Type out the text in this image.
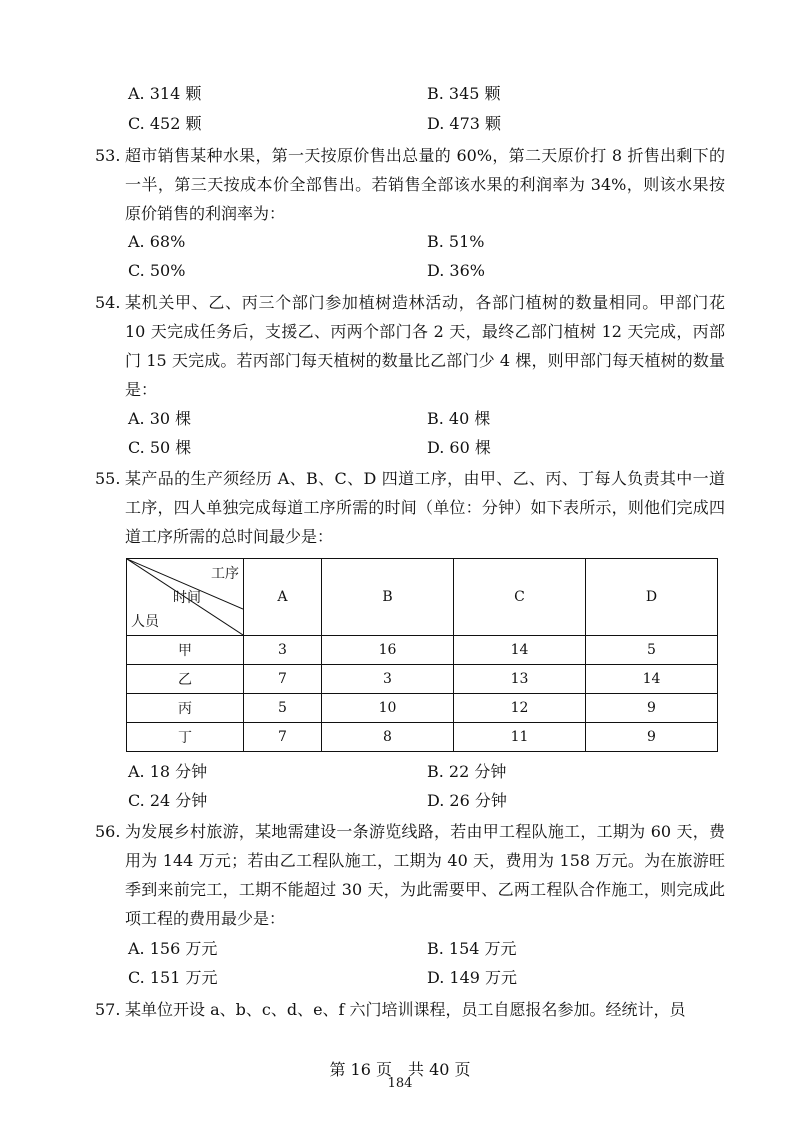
A. 314 颗	B. 345 颗
C. 452 颗	D. 473 颗
53. 超市销售某种水果，第一天按原价售出总量的 60%，第二天原价打 8 折售出剩下的一半，第三天按成本价全部售出。若销售全部该水果的利润率为 34%，则该水果按原价销售的利润率为：
A. 68%	B. 51%
C. 50%	D. 36%
54. 某机关甲、乙、丙三个部门参加植树造林活动，各部门植树的数量相同。甲部门花 10 天完成任务后，支援乙、丙两个部门各 2 天，最终乙部门植树 12 天完成，丙部门 15 天完成。若丙部门每天植树的数量比乙部门少 4 棵，则甲部门每天植树的数量是：
A. 30 棵	B. 40 棵
C. 50 棵	D. 60 棵
55. 某产品的生产须经历 A、B、C、D 四道工序，由甲、乙、丙、丁每人负责其中一道工序，四人单独完成每道工序所需的时间（单位：分钟）如下表所示，则他们完成四道工序所需的总时间最少是：
工序
时间
人员	A	B	C	D
甲	3	16	14	5
乙	7	3	13	14
丙	5	10	12	9
丁	7	8	11	9
A. 18 分钟	B. 22 分钟
C. 24 分钟	D. 26 分钟
56. 为发展乡村旅游，某地需建设一条游览线路，若由甲工程队施工，工期为 60 天，费用为 144 万元；若由乙工程队施工，工期为 40 天，费用为 158 万元。为在旅游旺季到来前完工，工期不能超过 30 天，为此需要甲、乙两工程队合作施工，则完成此项工程的费用最少是：
A. 156 万元	B. 154 万元
C. 151 万元	D. 149 万元
57. 某单位开设 a、b、c、d、e、f 六门培训课程，员工自愿报名参加。经统计，员
第 16 页　共 40 页
184
